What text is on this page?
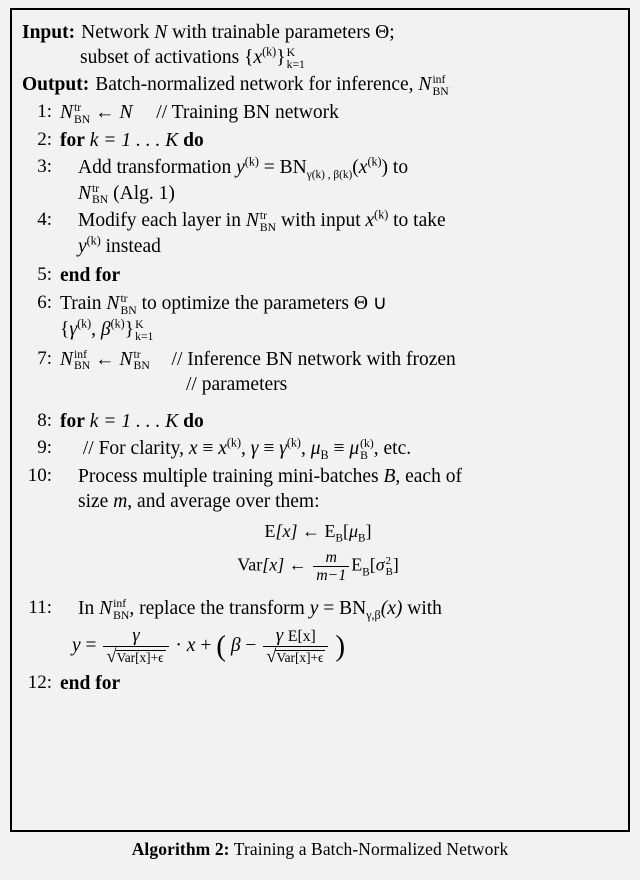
Input: Network N with trainable parameters Θ;
subset of activations $\{x^{(k)}\}$ K
k=1
Output: Batch-normalized network for inference, N inf
BN
1: N tr
BN ← N // Training BN network
2: for k = 1 . . . K do
3:	Add transformation $y^{(k)} = BN_{\gamma(k) , \beta(k)}(x^{(k)})$ to
N tr
BN (Alg. 1)
4:	Modify each layer in N tr
BN with input $x^{(k)}$ to take
$y^{(k)}$ instead
5: end for
6: Train N tr
BN to optimize the parameters Θ ∪
{$\gamma^{(k)}$, $\beta^{(k)}$} K
k=1
7: N inf
BN ← N tr
BN // Inference BN network with frozen
// parameters
8: for k = 1 . . . K do
9:	// For clarity, $x \equiv x^{(k)}$, $\gamma \equiv \gamma^{(k)}$, $\mu_B \equiv \mu$ (k)
B , etc.
10:	Process multiple training mini-batches B, each of
size m, and average over them:
E[x] ← $E_B[\mu_B]$
Var[x] ← $\frac{m}{m-1} E_B[\sigma$ 2
B ]
11:	In N inf
BN , replace the transform $y = BN_{\gamma,\beta}(x)$ with
$y = \frac{\gamma}{\text{√Var[x]+ϵ}} \cdot x$ + ( $\beta - \frac{\text{γ E[x]}}{\text{√Var[x]+ϵ}}$ )
12: end for
Algorithm 2: Training a Batch-Normalized Network
